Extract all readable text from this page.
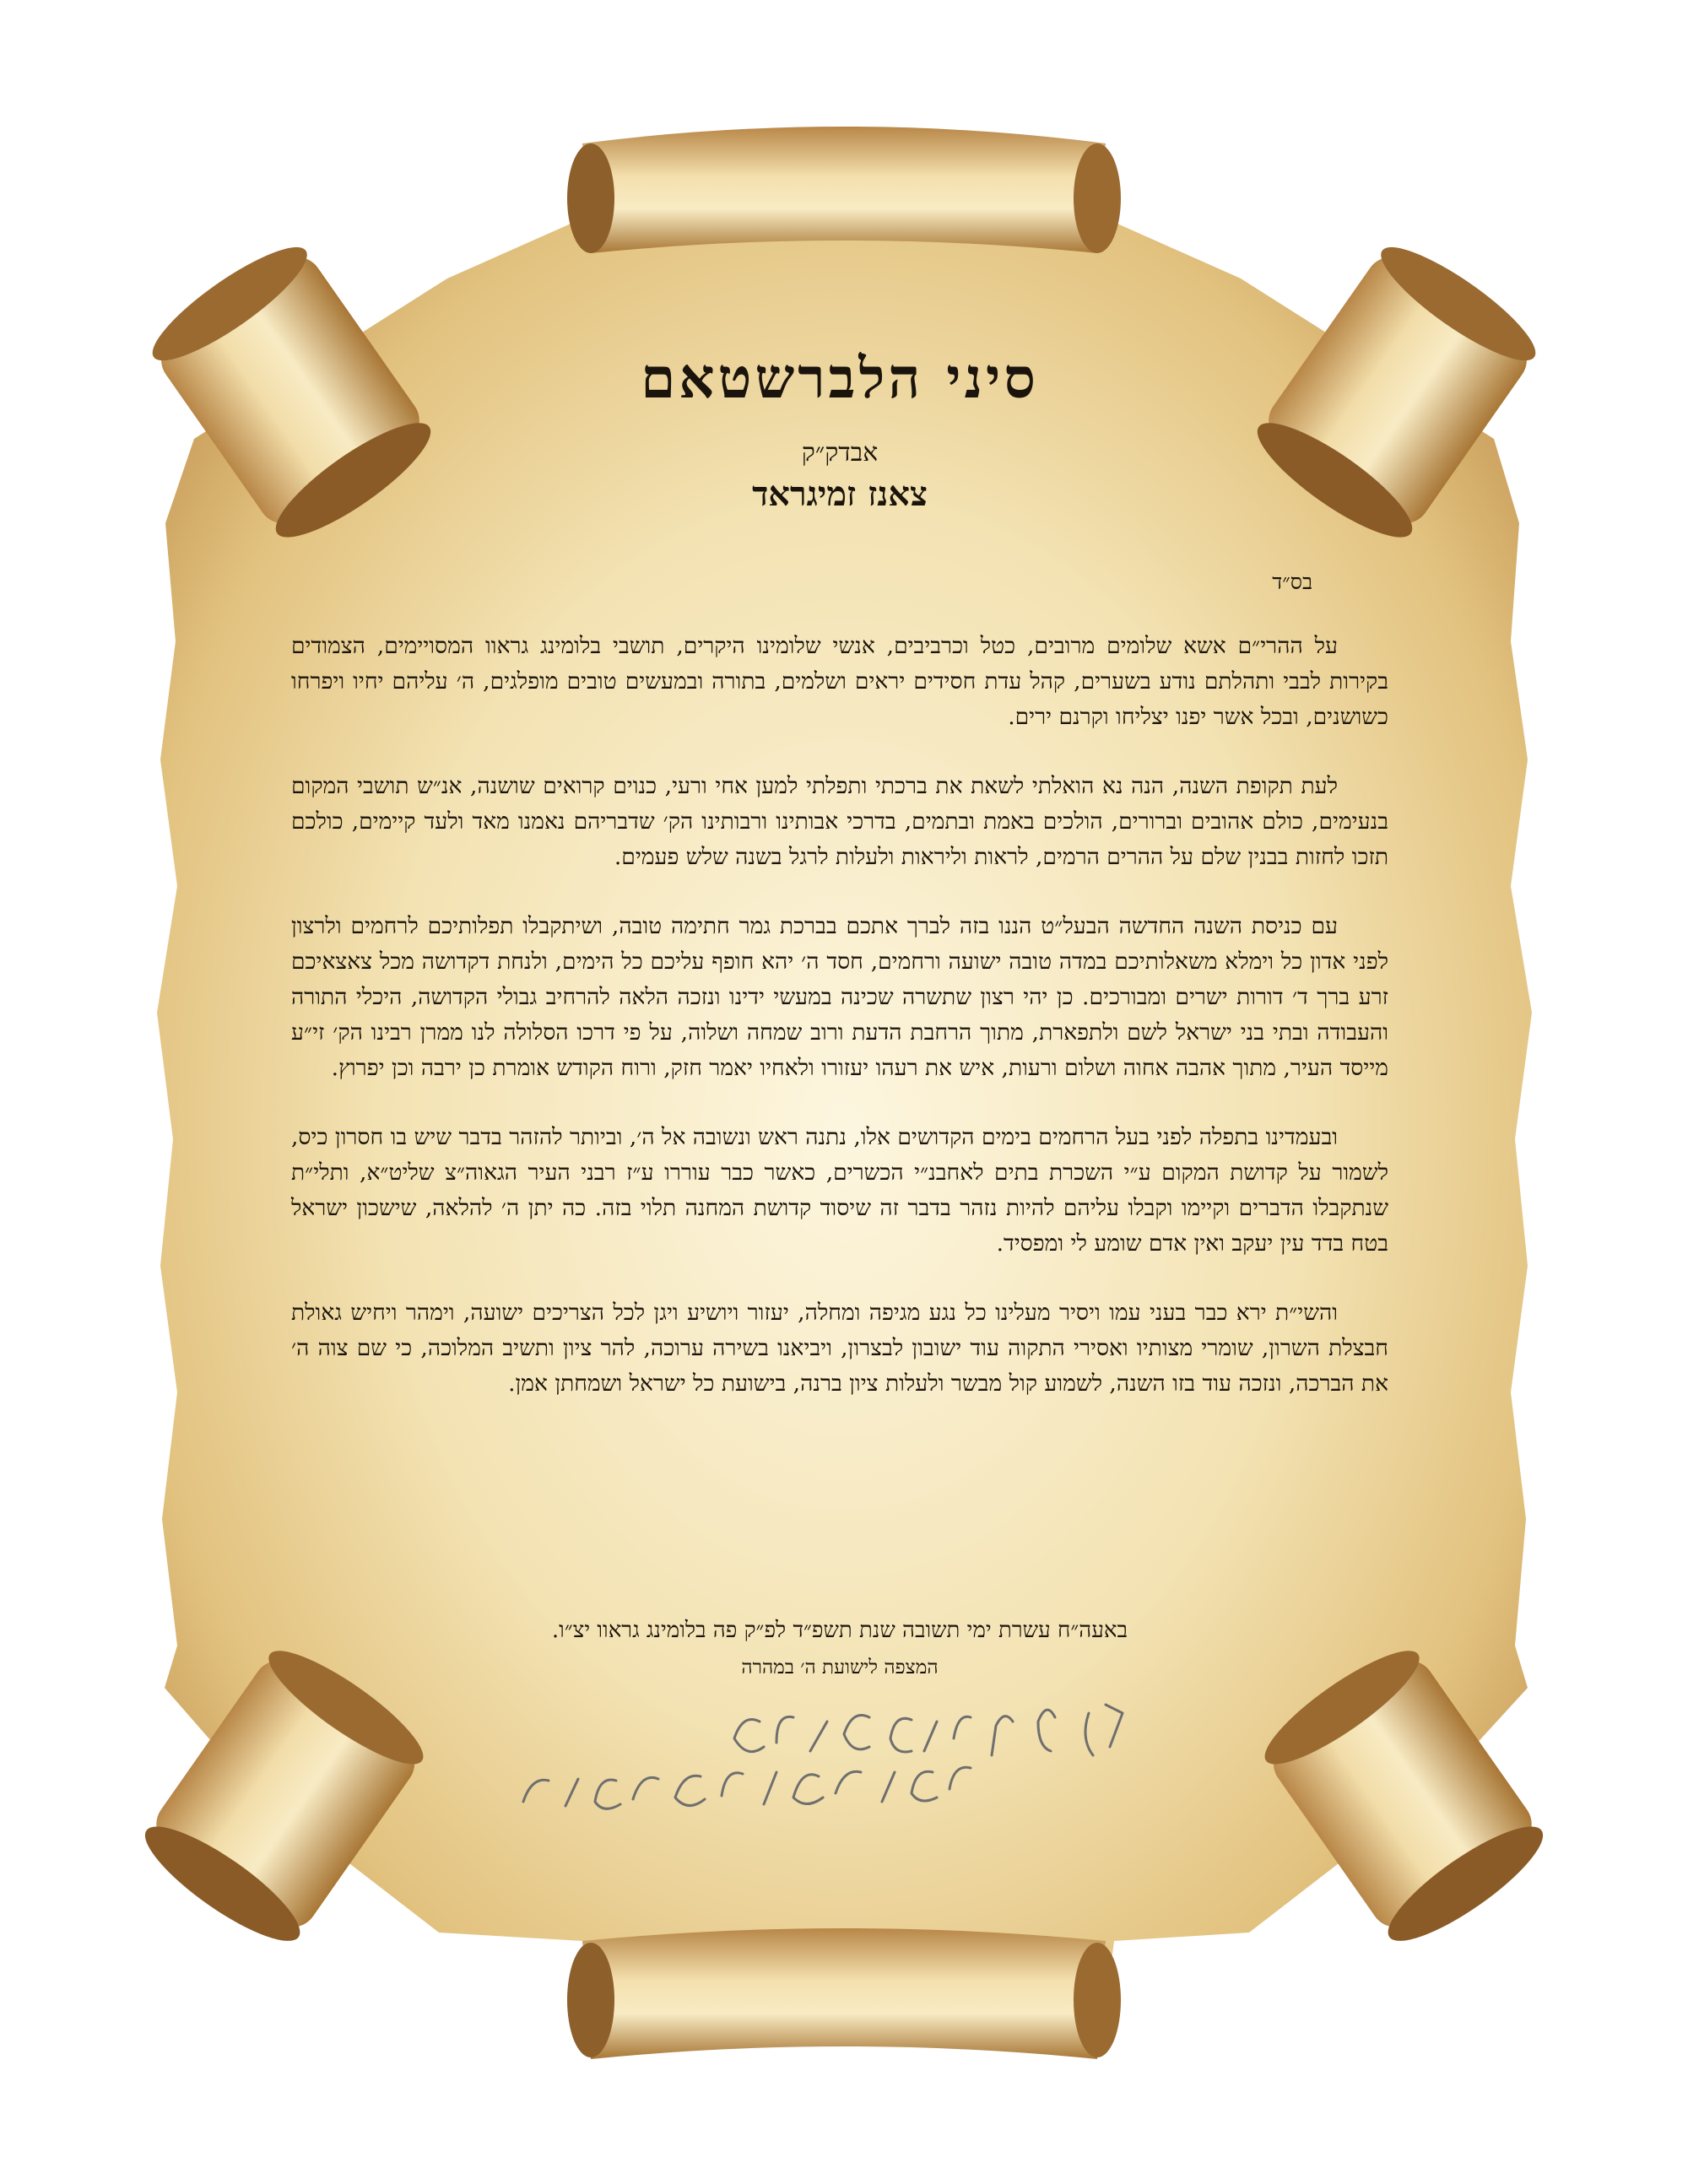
סיני הלברשטאם
אבדק״ק
צאנז זמיגראד
בס״ד

על ההרי״ם אשא שלומים מרובים, כטל וכרביבים, אנשי שלומינו היקרים, תושבי בלומינג גראוו המסויימים, הצמודים בקירות לבבי ותהלתם נודע בשערים, קהל עדת חסידים יראים ושלמים, בתורה ובמעשים טובים מופלגים, ה׳ עליהם יחיו ויפרחו כשושנים, ובכל אשר יפנו יצליחו וקרנם ירים.

לעת תקופת השנה, הנה נא הואלתי לשאת את ברכתי ותפלתי למען אחי ורעי, כנוים קרואים שושנה, אנ״ש תושבי המקום בנעימים, כולם אהובים וברורים, הולכים באמת ובתמים, בדרכי אבותינו ורבותינו הק׳ שדבריהם נאמנו מאד ולעד קיימים, כולכם תזכו לחזות בבנין שלם על ההרים הרמים, לראות וליראות ולעלות לרגל בשנה שלש פעמים.

עם כניסת השנה החדשה הבעל״ט הננו בזה לברך אתכם בברכת גמר חתימה טובה, ושיתקבלו תפלותיכם לרחמים ולרצון לפני אדון כל וימלא משאלותיכם במדה טובה ישועה ורחמים, חסד ה׳ יהא חופף עליכם כל הימים, ולנחת דקדושה מכל צאצאיכם זרע ברך ד׳ דורות ישרים ומבורכים. כן יהי רצון שתשרה שכינה במעשי ידינו ונזכה הלאה להרחיב גבולי הקדושה, היכלי התורה והעבודה ובתי בני ישראל לשם ולתפארת, מתוך הרחבת הדעת ורוב שמחה ושלוה, על פי דרכו הסלולה לנו ממרן רבינו הק׳ זי״ע מייסד העיר, מתוך אהבה אחוה ושלום ורעות, איש את רעהו יעזורו ולאחיו יאמר חזק, ורוח הקודש אומרת כן ירבה וכן יפרוץ.

ובעמדינו בתפלה לפני בעל הרחמים בימים הקדושים אלו, נתנה ראש ונשובה אל ה׳, וביותר להזהר בדבר שיש בו חסרון כיס, לשמור על קדושת המקום ע״י השכרת בתים לאחבנ״י הכשרים, כאשר כבר עוררו ע״ז רבני העיר הגאוה״צ שליט״א, ותלי״ת שנתקבלו הדברים וקיימו וקבלו עליהם להיות נזהר בדבר זה שיסוד קדושת המחנה תלוי בזה. כה יתן ה׳ להלאה, שישכון ישראל בטח בדד עין יעקב ואין אדם שומע לי ומפסיד.

והשי״ת ירא כבר בעני עמו ויסיר מעלינו כל נגע מגיפה ומחלה, יעזור ויושיע ויגן לכל הצריכים ישועה, וימהר ויחיש גאולת חבצלת השרון, שומרי מצותיו ואסירי התקוה עוד ישובון לבצרון, ויביאנו בשירה ערוכה, להר ציון ותשיב המלוכה, כי שם צוה ה׳ את הברכה, ונזכה עוד בזו השנה, לשמוע קול מבשר ולעלות ציון ברנה, בישועת כל ישראל ושמחתן אמן.

באעה״ח עשרת ימי תשובה שנת תשפ״ד לפ״ק פה בלומינג גראוו יצ״ו.
המצפה לישועת ה׳ במהרה
